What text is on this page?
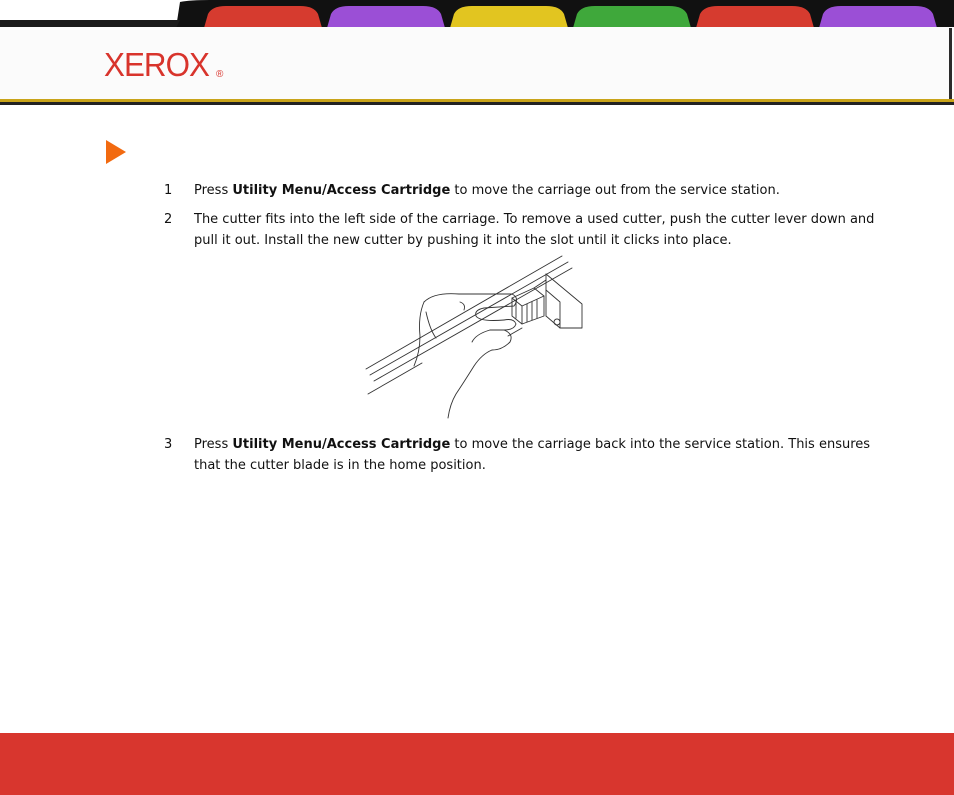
XEROX ®
1	Press Utility Menu/Access Cartridge to move the carriage out from the service station.
2	The cutter fits into the left side of the carriage. To remove a used cutter, push the cutter lever down and pull it out. Install the new cutter by pushing it into the slot until it clicks into place.
3	Press Utility Menu/Access Cartridge to move the carriage back into the service station. This ensures that the cutter blade is in the home position.
